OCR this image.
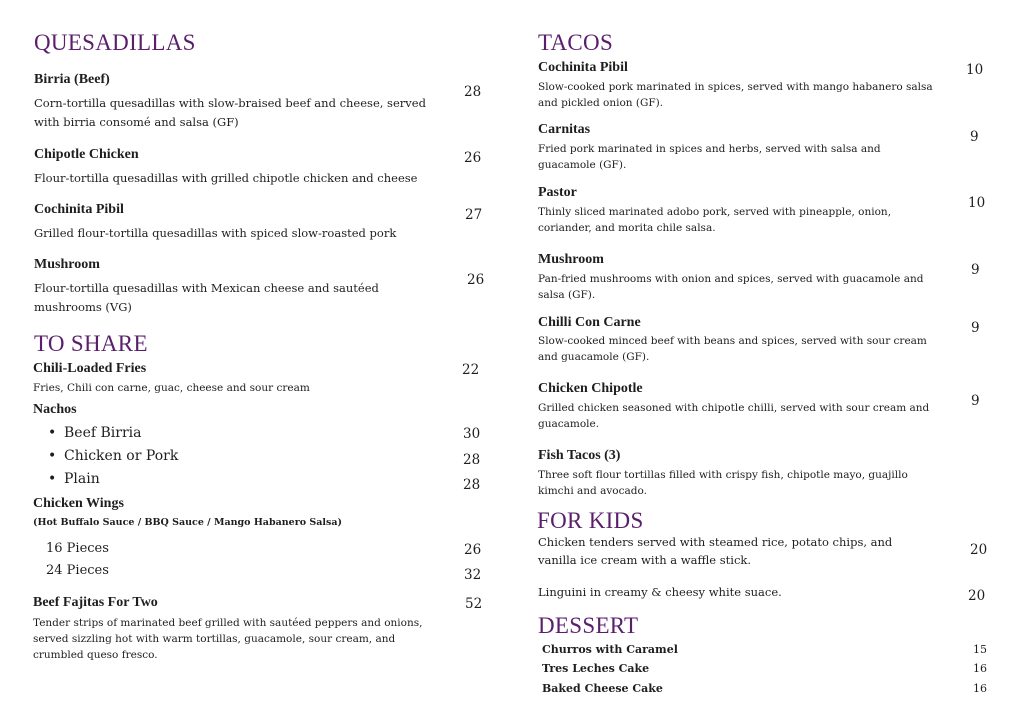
QUESADILLAS
Birria (Beef)
Corn-tortilla quesadillas with slow-braised beef and cheese, served with birria consomé and salsa (GF)
28
Chipotle Chicken
Flour-tortilla quesadillas with grilled chipotle chicken and cheese
26
Cochinita Pibil
Grilled flour-tortilla quesadillas with spiced slow-roasted pork
27
Mushroom
Flour-tortilla quesadillas with Mexican cheese and sautéed mushrooms (VG)
26
TO SHARE
Chili-Loaded Fries
Fries, Chili con carne, guac, cheese and sour cream
22
Nachos
• Beef Birria	30
• Chicken or Pork	28
• Plain	28
Chicken Wings
(Hot Buffalo Sauce / BBQ Sauce / Mango Habanero Salsa)
16 Pieces	26
24 Pieces	32
Beef Fajitas For Two
Tender strips of marinated beef grilled with sautéed peppers and onions, served sizzling hot with warm tortillas, guacamole, sour cream, and crumbled queso fresco.
52
TACOS
Cochinita Pibil
Slow-cooked pork marinated in spices, served with mango habanero salsa and pickled onion (GF).
10
Carnitas
Fried pork marinated in spices and herbs, served with salsa and guacamole (GF).
9
Pastor
Thinly sliced marinated adobo pork, served with pineapple, onion, coriander, and morita chile salsa.
10
Mushroom
Pan-fried mushrooms with onion and spices, served with guacamole and salsa (GF).
9
Chilli Con Carne
Slow-cooked minced beef with beans and spices, served with sour cream and guacamole (GF).
9
Chicken Chipotle
Grilled chicken seasoned with chipotle chilli, served with sour cream and guacamole.
9
Fish Tacos (3)
Three soft flour tortillas filled with crispy fish, chipotle mayo, guajillo kimchi and avocado.
FOR KIDS
Chicken tenders served with steamed rice, potato chips, and vanilla ice cream with a waffle stick.
20
Linguini in creamy & cheesy white suace.	20
DESSERT
Churros with Caramel	15
Tres Leches Cake	16
Baked Cheese Cake	16
